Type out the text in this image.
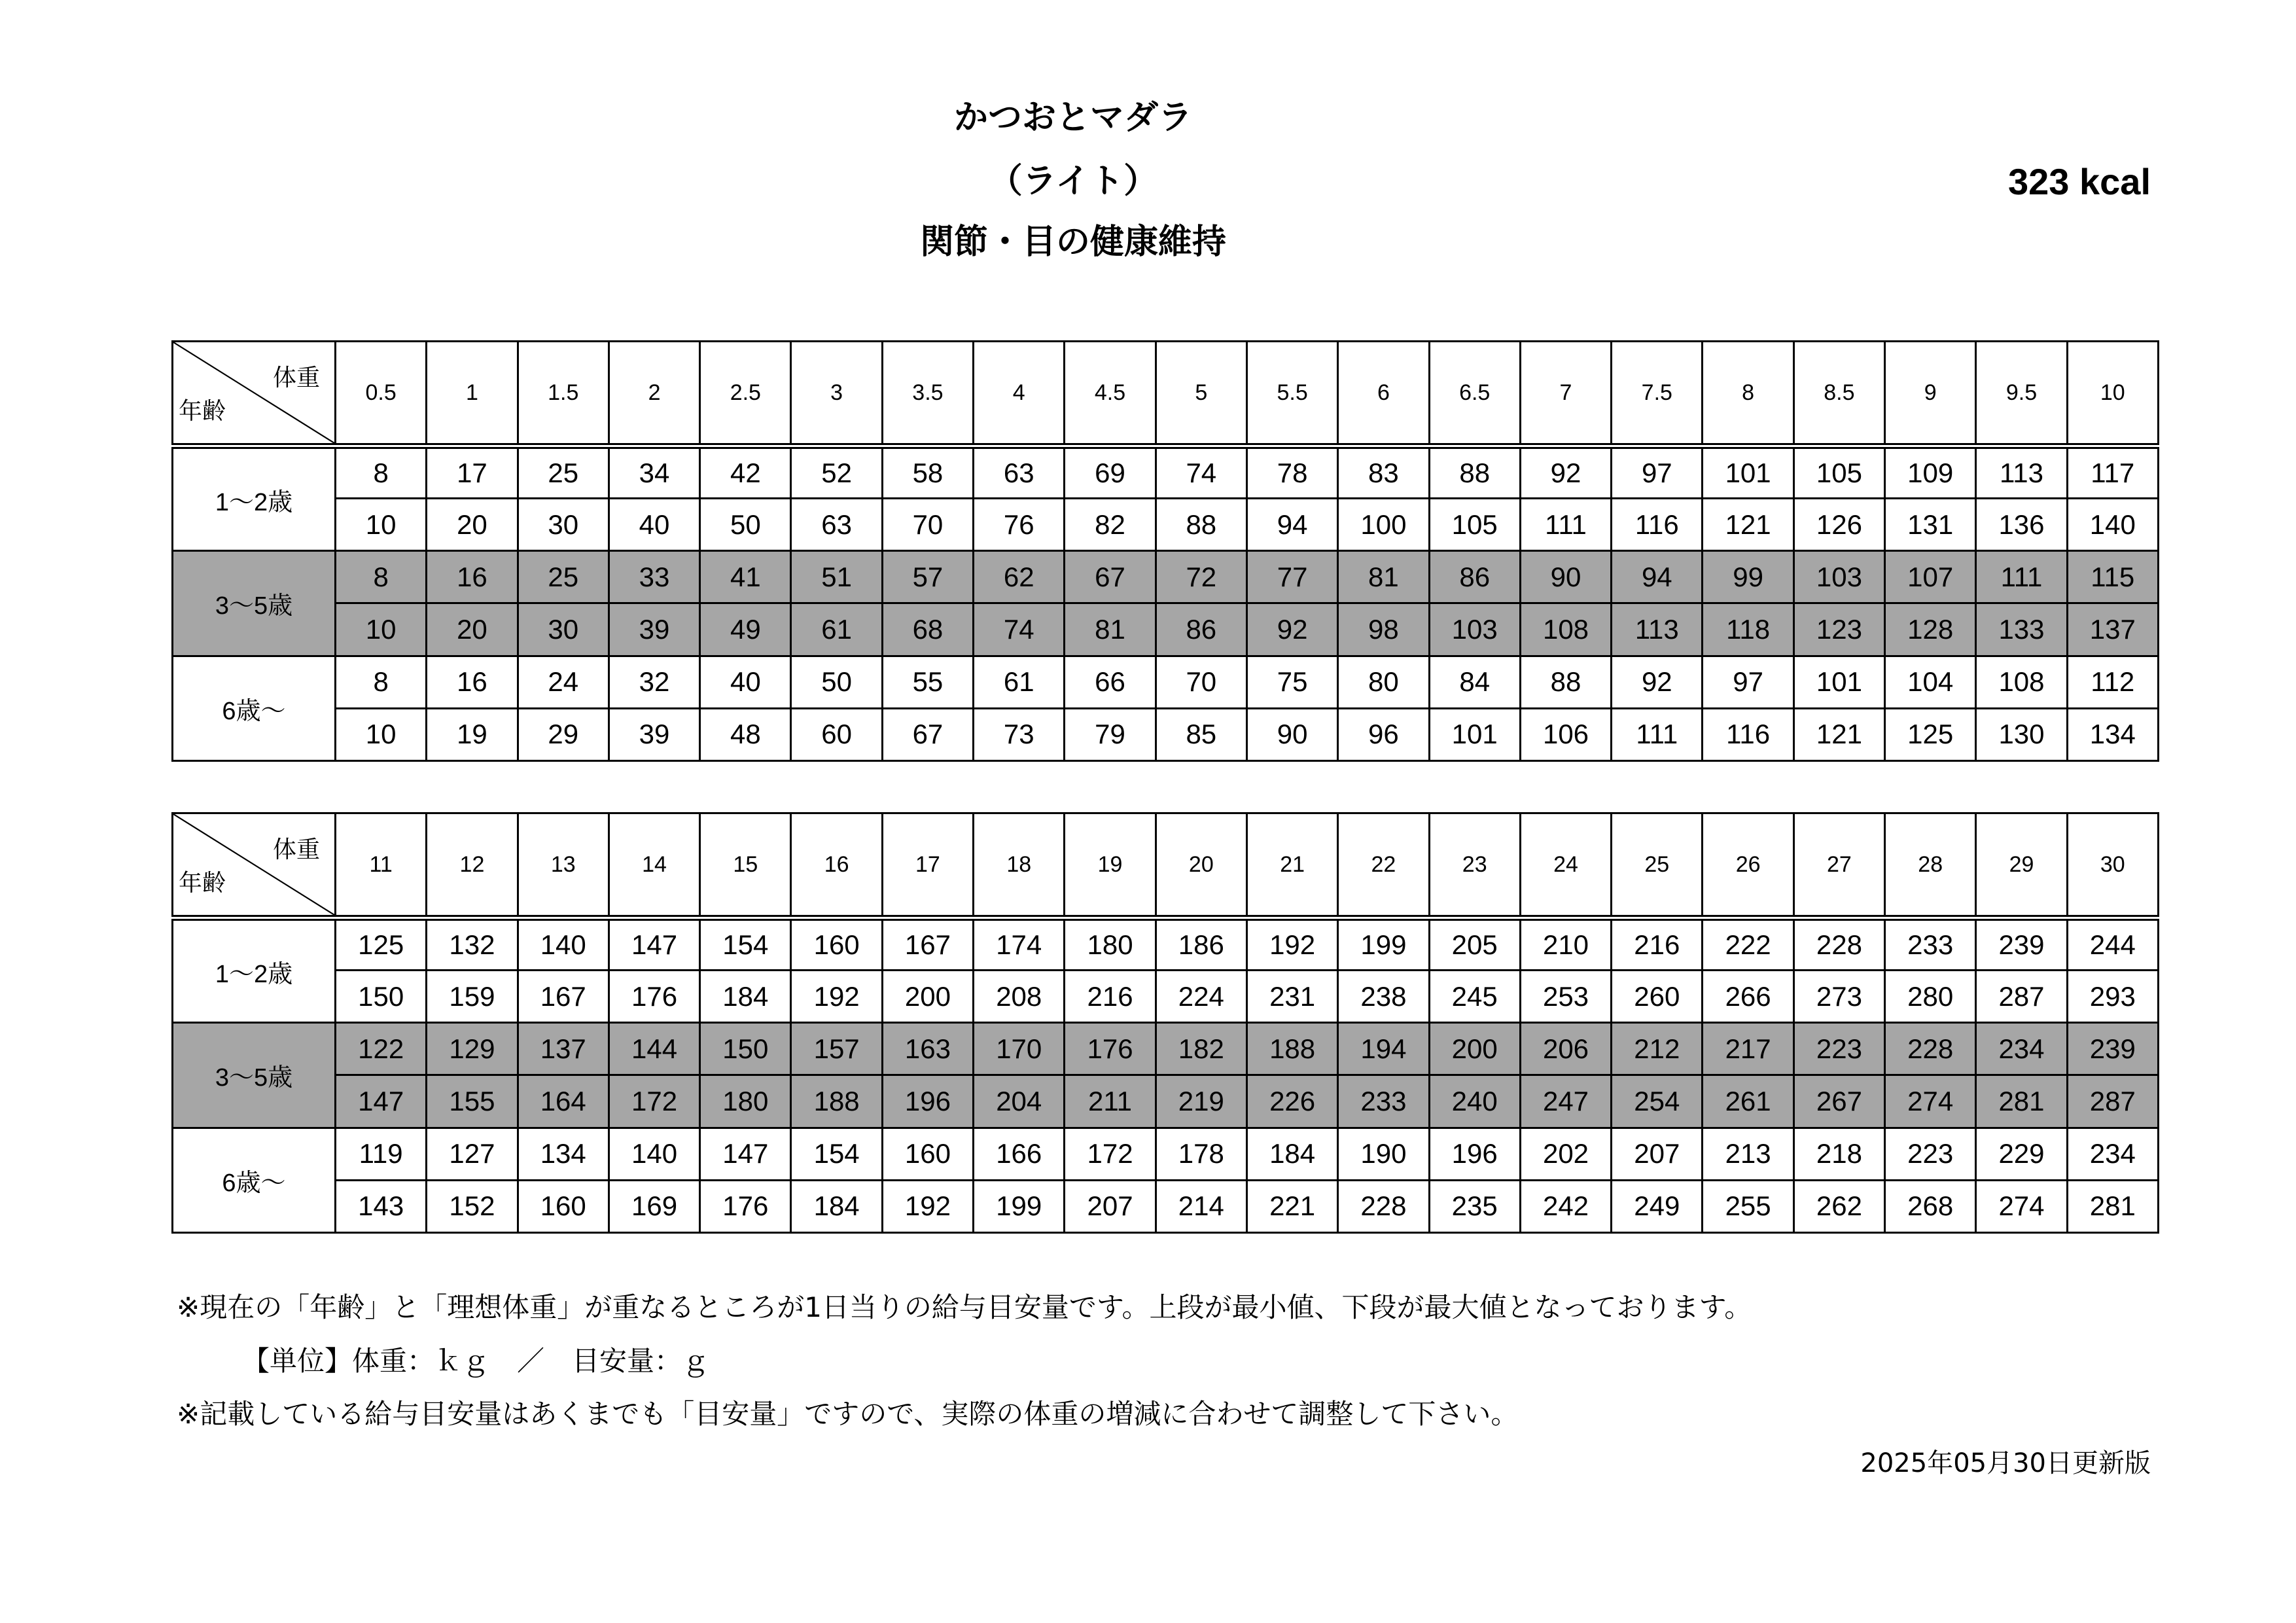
かつおとマダラ
（ライト）
関節・目の健康維持
323 kcal
体重
年齢	0.5	1	1.5	2	2.5	3	3.5	4	4.5	5	5.5	6	6.5	7	7.5	8	8.5	9	9.5	10
1～2歳	8	17	25	34	42	52	58	63	69	74	78	83	88	92	97	101	105	109	113	117
	10	20	30	40	50	63	70	76	82	88	94	100	105	111	116	121	126	131	136	140
3～5歳	8	16	25	33	41	51	57	62	67	72	77	81	86	90	94	99	103	107	111	115
	10	20	30	39	49	61	68	74	81	86	92	98	103	108	113	118	123	128	133	137
6歳～	8	16	24	32	40	50	55	61	66	70	75	80	84	88	92	97	101	104	108	112
	10	19	29	39	48	60	67	73	79	85	90	96	101	106	111	116	121	125	130	134
体重
年齢	11	12	13	14	15	16	17	18	19	20	21	22	23	24	25	26	27	28	29	30
1～2歳	125	132	140	147	154	160	167	174	180	186	192	199	205	210	216	222	228	233	239	244
	150	159	167	176	184	192	200	208	216	224	231	238	245	253	260	266	273	280	287	293
3～5歳	122	129	137	144	150	157	163	170	176	182	188	194	200	206	212	217	223	228	234	239
	147	155	164	172	180	188	196	204	211	219	226	233	240	247	254	261	267	274	281	287
6歳～	119	127	134	140	147	154	160	166	172	178	184	190	196	202	207	213	218	223	229	234
	143	152	160	169	176	184	192	199	207	214	221	228	235	242	249	255	262	268	274	281
※現在の「年齢」と「理想体重」が重なるところが1日当りの給与目安量です。上段が最小値、下段が最大値となっております。
【単位】体重：ｋｇ　／　目安量：ｇ
※記載している給与目安量はあくまでも「目安量」ですので、実際の体重の増減に合わせて調整して下さい。
2025年05月30日更新版
